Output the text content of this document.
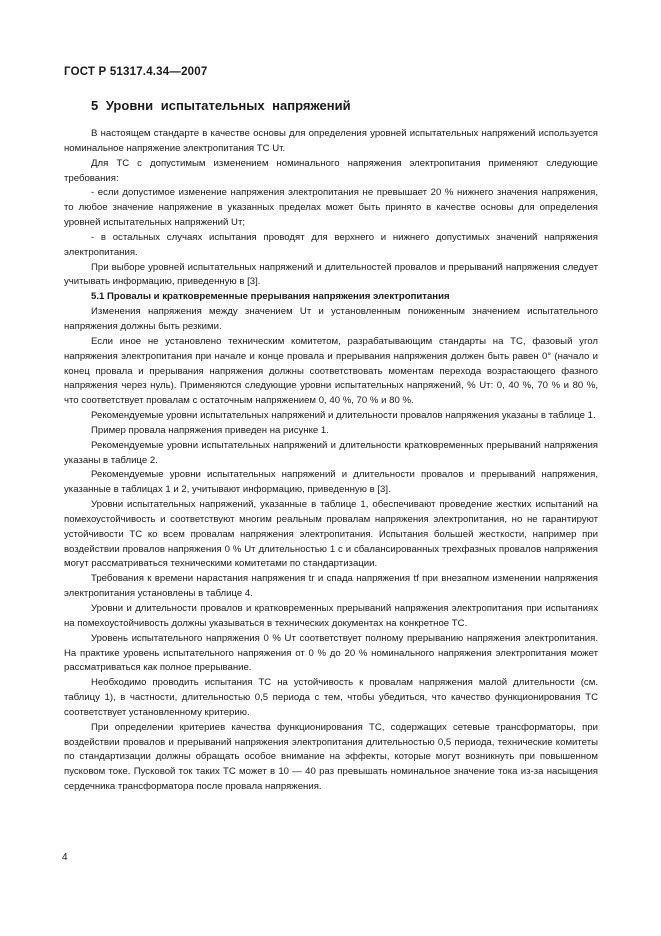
ГОСТ Р 51317.4.34—2007
5 Уровни испытательных напряжений

В настоящем стандарте в качестве основы для определения уровней испытательных напряжений используется номинальное напряжение электропитания ТС Uт.

Для ТС с допустимым изменением номинального напряжения электропитания применяют следующие требования:

- если допустимое изменение напряжения электропитания не превышает 20 % нижнего значения напряжения, то любое значение напряжение в указанных пределах может быть принято в качестве основы для определения уровней испытательных напряжений Uт;

- в остальных случаях испытания проводят для верхнего и нижнего допустимых значений напряжения электропитания.

При выборе уровней испытательных напряжений и длительностей провалов и прерываний напряжения следует учитывать информацию, приведенную в [3].

5.1 Провалы и кратковременные прерывания напряжения электропитания

Изменения напряжения между значением Uт и установленным пониженным значением испытательного напряжения должны быть резкими.

Если иное не установлено техническим комитетом, разрабатывающим стандарты на ТС, фазовый угол напряжения электропитания при начале и конце провала и прерывания напряжения должен быть равен 0° (начало и конец провала и прерывания напряжения должны соответствовать моментам перехода возрастающего фазного напряжения через нуль). Применяются следующие уровни испытательных напряжений, % Uт: 0, 40 %, 70 % и 80 %, что соответствует провалам с остаточным напряжением 0, 40 %, 70 % и 80 %.

Рекомендуемые уровни испытательных напряжений и длительности провалов напряжения указаны в таблице 1.

Пример провала напряжения приведен на рисунке 1.

Рекомендуемые уровни испытательных напряжений и длительности кратковременных прерываний напряжения указаны в таблице 2.

Рекомендуемые уровни испытательных напряжений и длительности провалов и прерываний напряжения, указанные в таблицах 1 и 2, учитывают информацию, приведенную в [3].

Уровни испытательных напряжений, указанные в таблице 1, обеспечивают проведение жестких испытаний на помехоустойчивость и соответствуют многим реальным провалам напряжения электропитания, но не гарантируют устойчивости ТС ко всем провалам напряжения электропитания. Испытания большей жесткости, например при воздействии провалов напряжения 0 % Uт длительностью 1 с и сбалансированных трехфазных провалов напряжения могут рассматриваться техническими комитетами по стандартизации.

Требования к времени нарастания напряжения tr и спада напряжения tf при внезапном изменении напряжения электропитания установлены в таблице 4.

Уровни и длительности провалов и кратковременных прерываний напряжения электропитания при испытаниях на помехоустойчивость должны указываться в технических документах на конкретное ТС.

Уровень испытательного напряжения 0 % Uт соответствует полному прерыванию напряжения электропитания. На практике уровень испытательного напряжения от 0 % до 20 % номинального напряжения электропитания может рассматриваться как полное прерывание.

Необходимо проводить испытания ТС на устойчивость к провалам напряжения малой длительности (см. таблицу 1), в частности, длительностью 0,5 периода с тем, чтобы убедиться, что качество функционирования ТС соответствует установленному критерию.

При определении критериев качества функционирования ТС, содержащих сетевые трансформаторы, при воздействии провалов и прерываний напряжения электропитания длительностью 0,5 периода, технические комитеты по стандартизации должны обращать особое внимание на эффекты, которые могут возникнуть при повышенном пусковом токе. Пусковой ток таких ТС может в 10 — 40 раз превышать номинальное значение тока из-за насыщения сердечника трансформатора после провала напряжения.

4
